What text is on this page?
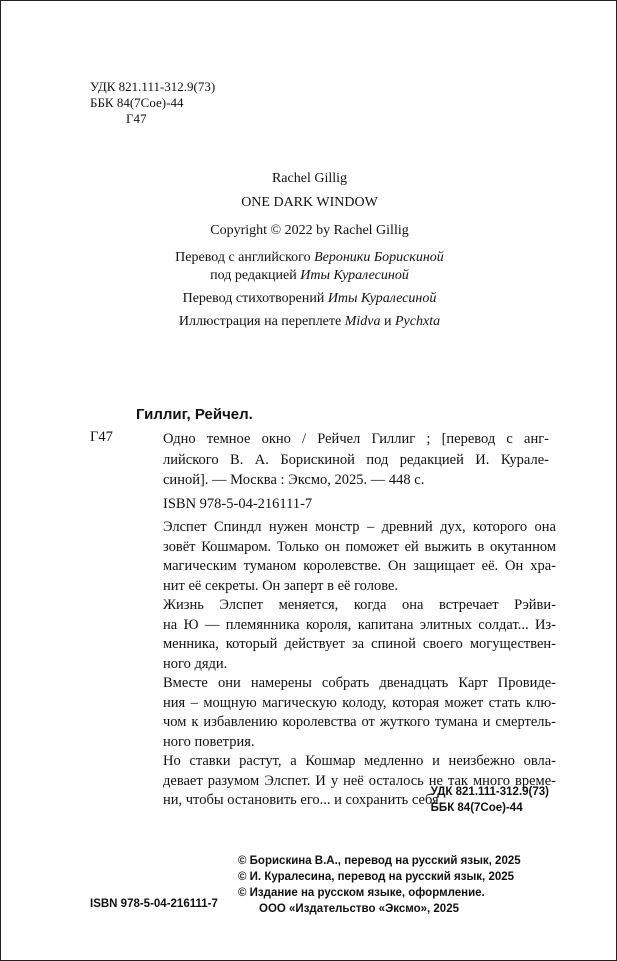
УДК 821.111-312.9(73)
ББК 84(7Сое)-44
Г47
Rachel Gillig
ONE DARK WINDOW
Copyright © 2022 by Rachel Gillig
Перевод с английского Вероники Борискиной
под редакцией Иты Куралесиной
Перевод стихотворений Иты Куралесиной
Иллюстрация на переплете Midva и Pychxta
Гиллиг, Рейчел.
Г47	Одно темное окно / Рейчел Гиллиг ; [перевод с анг-
лийского В. А. Борискиной под редакцией И. Курале-
синой]. — Москва : Эксмо, 2025. — 448 с.
ISBN 978-5-04-216111-7
Элспет Спиндл нужен монстр – древний дух, которого она
зовёт Кошмаром. Только он поможет ей выжить в окутанном
магическим туманом королевстве. Он защищает её. Он хра-
нит её секреты. Он заперт в её голове.
Жизнь Элспет меняется, когда она встречает Рэйви-
на Ю — племянника короля, капитана элитных солдат... Из-
менника, который действует за спиной своего могуществен-
ного дяди.
Вместе они намерены собрать двенадцать Карт Провиде-
ния – мощную магическую колоду, которая может стать клю-
чом к избавлению королевства от жуткого тумана и смертель-
ного поветрия.
Но ставки растут, а Кошмар медленно и неизбежно овла-
девает разумом Элспет. И у неё осталось не так много време-
ни, чтобы остановить его... и сохранить себя.
УДК 821.111-312.9(73)
ББК 84(7Сое)-44
© Борискина В.А., перевод на русский язык, 2025
© И. Куралесина, перевод на русский язык, 2025
© Издание на русском языке, оформление.
ООО «Издательство «Эксмо», 2025
ISBN 978-5-04-216111-7
